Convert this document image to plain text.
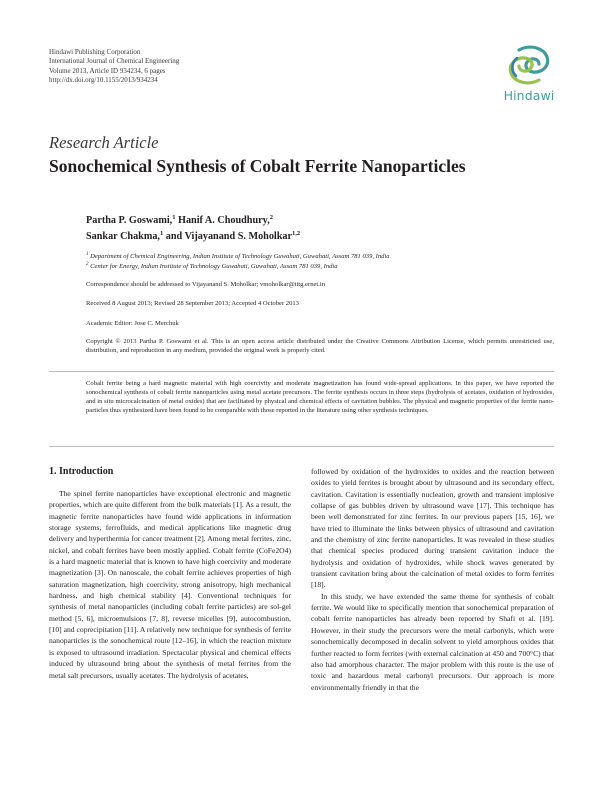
Hindawi Publishing Corporation
International Journal of Chemical Engineering
Volume 2013, Article ID 934234, 6 pages
http://dx.doi.org/10.1155/2013/934234
Hindawi
Research Article
Sonochemical Synthesis of Cobalt Ferrite Nanoparticles
Partha P. Goswami,$^1$ Hanif A. Choudhury,$^2$
Sankar Chakma,$^1$ and Vijayanand S. Moholkar$^{1,2}$
$^1$ Department of Chemical Engineering, Indian Institute of Technology Guwahati, Guwahati, Assam 781 039, India
$^2$ Center for Energy, Indian Institute of Technology Guwahati, Guwahati, Assam 781 039, India
Correspondence should be addressed to Vijayanand S. Moholkar; vmoholkar@iitg.ernet.in
Received 8 August 2013; Revised 28 September 2013; Accepted 4 October 2013
Academic Editor: Jose C. Merchuk
Copyright © 2013 Partha P. Goswami et al. This is an open access article distributed under the Creative Commons Attribution License, which permits unrestricted use, distribution, and reproduction in any medium, provided the original work is properly cited.
Cobalt ferrite being a hard magnetic material with high coercivity and moderate magnetization has found wide-spread applications. In this paper, we have reported the sonochemical synthesis of cobalt ferrite nanoparticles using metal acetate precursors. The ferrite synthesis occurs in three steps (hydrolysis of acetates, oxidation of hydroxides, and in situ microcalcination of metal oxides) that are facilitated by physical and chemical effects of cavitation bubbles. The physical and magnetic properties of the ferrite nano-particles thus synthesized have been found to be comparable with those reported in the literature using other synthesis techniques.
1. Introduction

The spinel ferrite nanoparticles have exceptional electronic and magnetic properties, which are quite different from the bulk materials [1]. As a result, the magnetic ferrite nanoparticles have found wide applications in information storage systems, ferrofluids, and medical applications like magnetic drug delivery and hyperthermia for cancer treatment [2]. Among metal ferrites, zinc, nickel, and cobalt ferrites have been mostly applied. Cobalt ferrite (CoFe2O4) is a hard magnetic material that is known to have high coercivity and moderate magnetization [3]. On nanoscale, the cobalt ferrite achieves properties of high saturation magnetization, high coercivity, strong anisotropy, high mechanical hardness, and high chemical stability [4]. Conventional techniques for synthesis of metal nanoparticles (including cobalt ferrite particles) are sol-gel method [5, 6], microemulsions [7, 8], reverse micelles [9], autocombustion, [10] and coprecipitation [11]. A relatively new technique for synthesis of ferrite nanoparticles is the sonochemical route [12–16], in which the reaction mixture is exposed to ultrasound irradiation. Spectacular physical and chemical effects induced by ultrasound bring about the synthesis of metal ferrites from the metal salt precursors, usually acetates. The hydrolysis of acetates,

followed by oxidation of the hydroxides to oxides and the reaction between oxides to yield ferrites is brought about by ultrasound and its secondary effect, cavitation. Cavitation is essentially nucleation, growth and transient implosive collapse of gas bubbles driven by ultrasound wave [17]. This technique has been well demonstrated for zinc ferrites. In our previous papers [15, 16], we have tried to illuminate the links between physics of ultrasound and cavitation and the chemistry of zinc ferrite nanoparticles. It was revealed in these studies that chemical species produced during transient cavitation induce the hydrolysis and oxidation of hydroxides, while shock waves generated by transient cavitation bring about the calcination of metal oxides to form ferrites [18].

In this study, we have extended the same theme for synthesis of cobalt ferrite. We would like to specifically mention that sonochemical preparation of cobalt ferrite nanoparticles has already been reported by Shafi et al. [19]. However, in their study the precursors were the metal carbonyls, which were sonochemically decomposed in decalin solvent to yield amorphous oxides that further reacted to form ferrites (with external calcination at 450 and 700°C) that also had amorphous character. The major problem with this route is the use of toxic and hazardous metal carbonyl precursors. Our approach is more environmentally friendly in that the
